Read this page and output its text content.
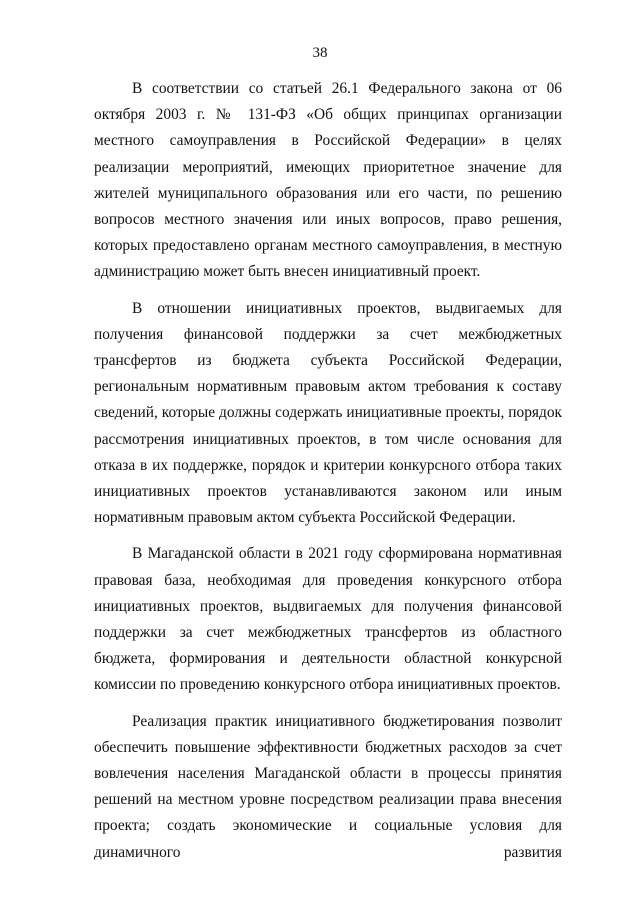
38

В соответствии со статьей 26.1 Федерального закона от 06 октября 2003 г. № 131-ФЗ «Об общих принципах организации местного самоуправления в Российской Федерации» в целях реализации мероприятий, имеющих приоритетное значение для жителей муниципального образования или его части, по решению вопросов местного значения или иных вопросов, право решения, которых предоставлено органам местного самоуправления, в местную администрацию может быть внесен инициативный проект.

В отношении инициативных проектов, выдвигаемых для получения финансовой поддержки за счет межбюджетных трансфертов из бюджета субъекта Российской Федерации, региональным нормативным правовым актом требования к составу сведений, которые должны содержать инициативные проекты, порядок рассмотрения инициативных проектов, в том числе основания для отказа в их поддержке, порядок и критерии конкурсного отбора таких инициативных проектов устанавливаются законом или иным нормативным правовым актом субъекта Российской Федерации.

В Магаданской области в 2021 году сформирована нормативная правовая база, необходимая для проведения конкурсного отбора инициативных проектов, выдвигаемых для получения финансовой поддержки за счет межбюджетных трансфертов из областного бюджета, формирования и деятельности областной конкурсной комиссии по проведению конкурсного отбора инициативных проектов.

Реализация практик инициативного бюджетирования позволит обеспечить повышение эффективности бюджетных расходов за счет вовлечения населения Магаданской области в процессы принятия решений на местном уровне посредством реализации права внесения проекта; создать экономические и социальные условия для динамичного развития
